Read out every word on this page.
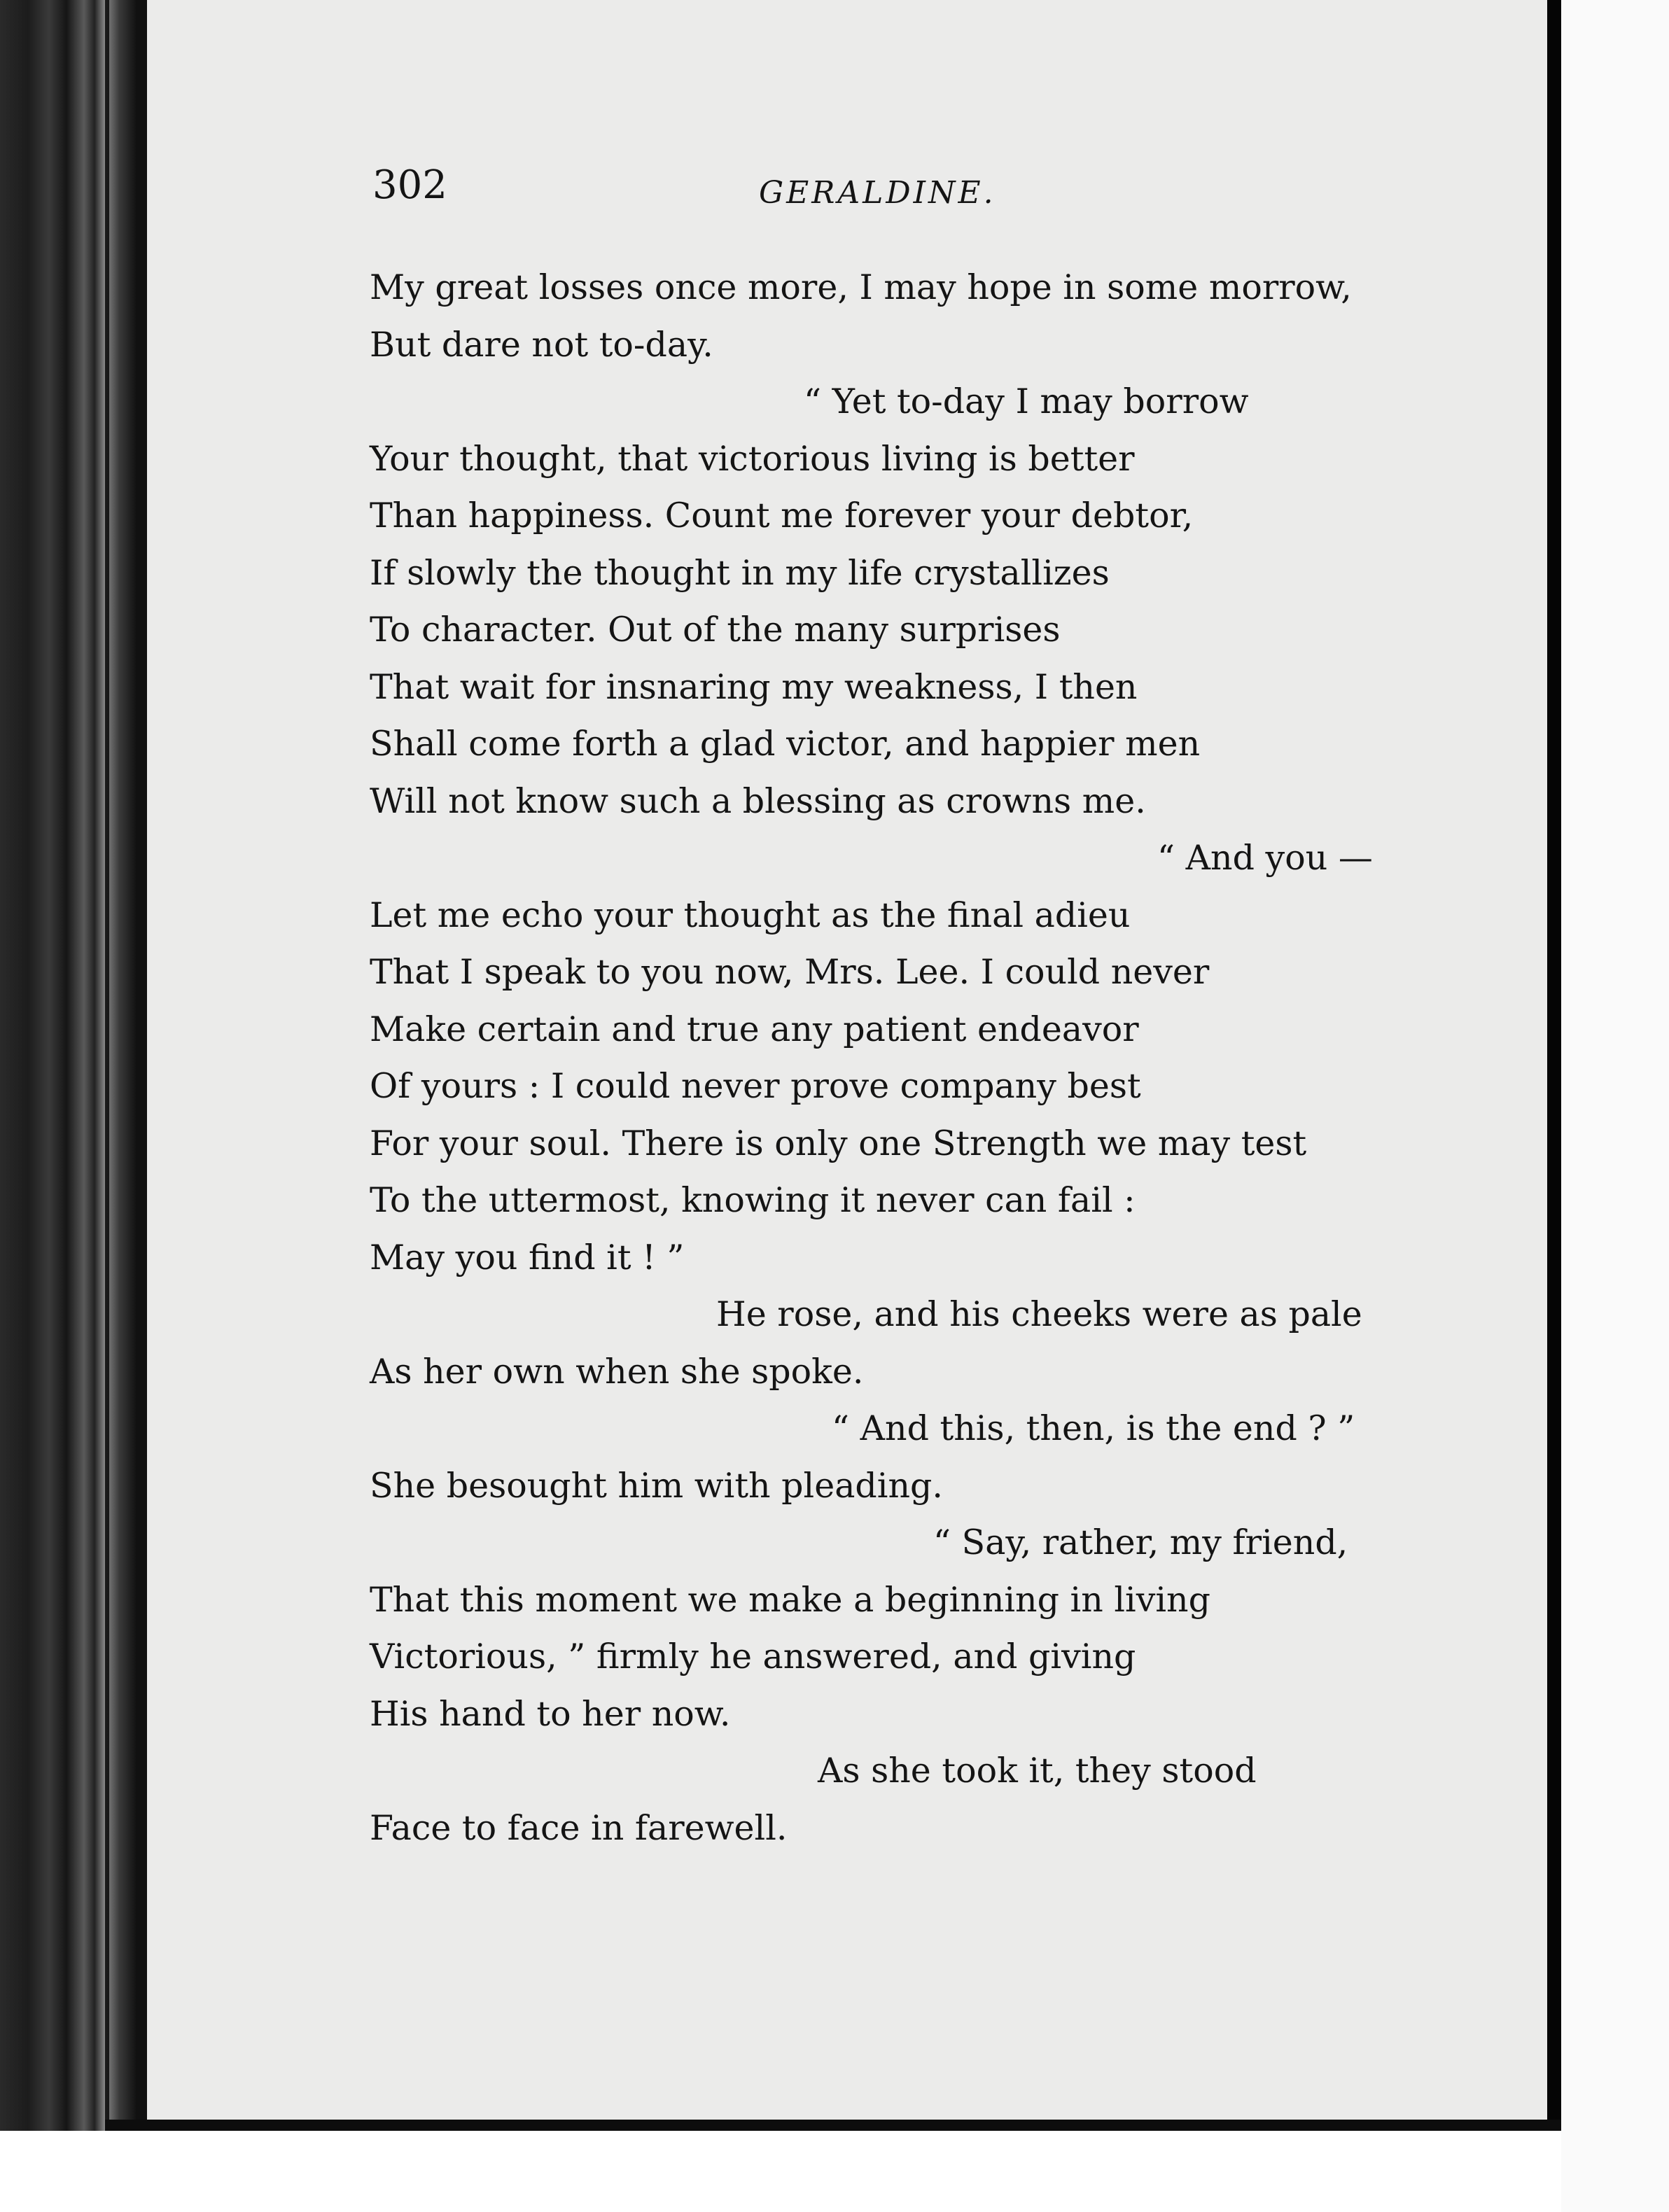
302	GERALDINE.
My great losses once more, I may hope in some morrow,
But dare not to-day.
“ Yet to-day I may borrow
Your thought, that victorious living is better
Than happiness. Count me forever your debtor,
If slowly the thought in my life crystallizes
To character. Out of the many surprises
That wait for insnaring my weakness, I then
Shall come forth a glad victor, and happier men
Will not know such a blessing as crowns me.
“ And you —
Let me echo your thought as the final adieu
That I speak to you now, Mrs. Lee. I could never
Make certain and true any patient endeavor
Of yours : I could never prove company best
For your soul. There is only one Strength we may test
To the uttermost, knowing it never can fail :
May you find it ! ”
He rose, and his cheeks were as pale
As her own when she spoke.
“ And this, then, is the end ? ”
She besought him with pleading.
“ Say, rather, my friend,
That this moment we make a beginning in living
Victorious, ” firmly he answered, and giving
His hand to her now.
As she took it, they stood
Face to face in farewell.
